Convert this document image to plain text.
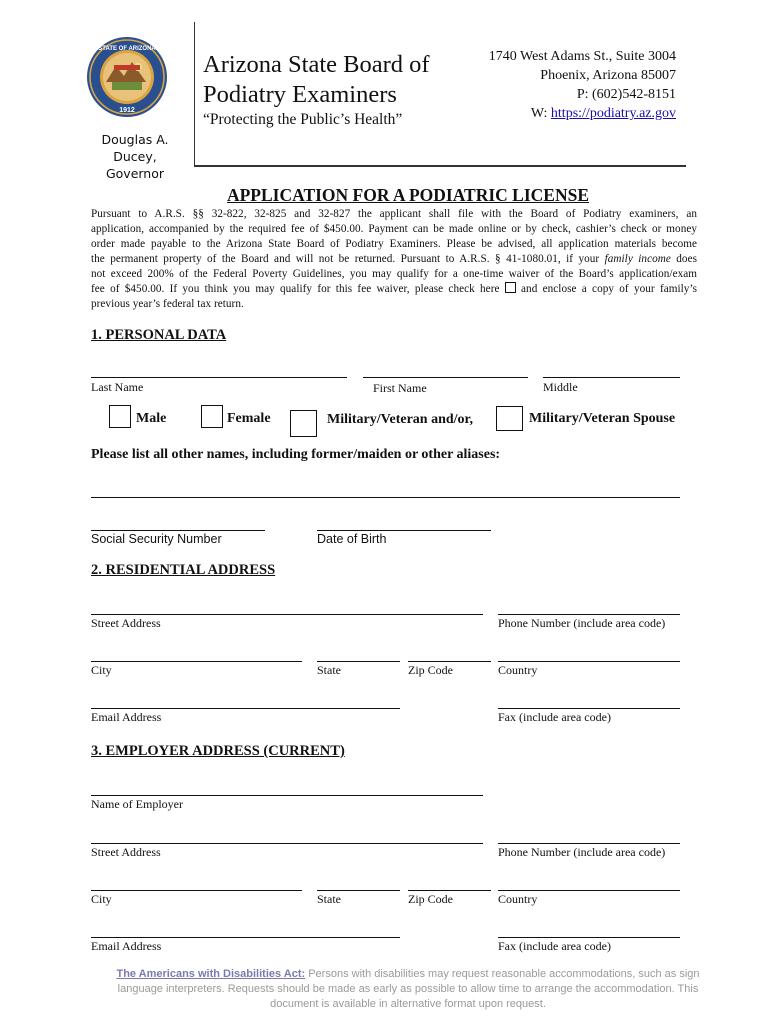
STATE OF ARIZONA
1912
Arizona State Board of
Podiatry Examiners
“Protecting the Public’s Health”
Douglas A. Ducey,
Governor
1740 West Adams St., Suite 3004
Phoenix, Arizona 85007
P: (602)542-8151
W: https://podiatry.az.gov
APPLICATION FOR A PODIATRIC LICENSE
Pursuant to A.R.S. §§ 32-822, 32-825 and 32-827 the applicant shall file with the Board of Podiatry examiners, an
application, accompanied by the required fee of $450.00. Payment can be made online or by check, cashier’s check or money
order made payable to the Arizona State Board of Podiatry Examiners. Please be advised, all application materials become
the permanent property of the Board and will not be returned. Pursuant to A.R.S. § 41-1080.01, if your family income does
not exceed 200% of the Federal Poverty Guidelines, you may qualify for a one-time waiver of the Board’s application/exam
fee of $450.00. If you think you may qualify for this fee waiver, please check here  and enclose a copy of your family’s
previous year’s federal tax return.
1. PERSONAL DATA
Last Name	First Name	Middle
Male	Female	Military/Veteran and/or,	Military/Veteran Spouse
Please list all other names, including former/maiden or other aliases:
Social Security Number	Date of Birth
2. RESIDENTIAL ADDRESS
Street Address	Phone Number (include area code)
City	State	Zip Code	Country
Email Address	Fax (include area code)
3. EMPLOYER ADDRESS (CURRENT)
Name of Employer
Street Address	Phone Number (include area code)
City	State	Zip Code	Country
Email Address	Fax (include area code)
The Americans with Disabilities Act: Persons with disabilities may request reasonable accommodations, such as sign
language interpreters. Requests should be made as early as possible to allow time to arrange the accommodation. This
document is available in alternative format upon request.
